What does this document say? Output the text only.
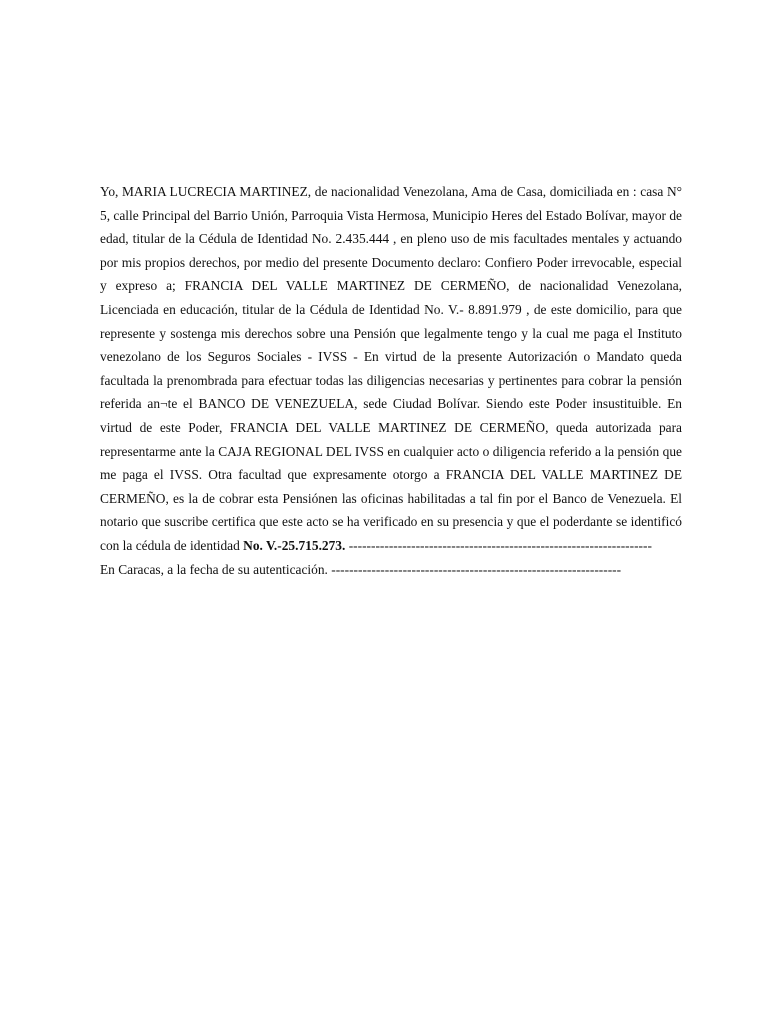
Yo, MARIA LUCRECIA MARTINEZ, de nacionalidad Venezolana, Ama de Casa, domiciliada en : casa N° 5, calle Principal del Barrio Unión, Parroquia Vista Hermosa, Municipio Heres del Estado Bolívar, mayor de edad, titular de la Cédula de Identidad No. 2.435.444 , en pleno uso de mis facultades mentales y actuando por mis propios derechos, por medio del presente Documento declaro: Confiero Poder irrevocable, especial y expreso a; FRANCIA DEL VALLE MARTINEZ DE CERMEÑO, de nacionalidad Venezolana, Licenciada en educación, titular de la Cédula de Identidad No. V.- 8.891.979 , de este domicilio, para que represente y sostenga mis derechos sobre una Pensión que legalmente tengo y la cual me paga el Instituto venezolano de los Seguros Sociales - IVSS - En virtud de la presente Autorización o Mandato queda facultada la prenombrada para efectuar todas las diligencias necesarias y pertinentes para cobrar la pensión referida an¬te el BANCO DE VENEZUELA, sede Ciudad Bolívar. Siendo este Poder insustituible. En virtud de este Poder, FRANCIA DEL VALLE MARTINEZ DE CERMEÑO, queda autorizada para representarme ante la CAJA REGIONAL DEL IVSS en cualquier acto o diligencia referido a la pensión que me paga el IVSS. Otra facultad que expresamente otorgo a FRANCIA DEL VALLE MARTINEZ DE CERMEÑO, es la de cobrar esta Pensiónen las oficinas habilitadas a tal fin por el Banco de Venezuela. El notario que suscribe certifica que este acto se ha verificado en su presencia y que el poderdante se identificó con la cédula de identidad No. V.-25.715.273. --------------------------------------------------------------------

En Caracas, a la fecha de su autenticación. -----------------------------------------------------------------
